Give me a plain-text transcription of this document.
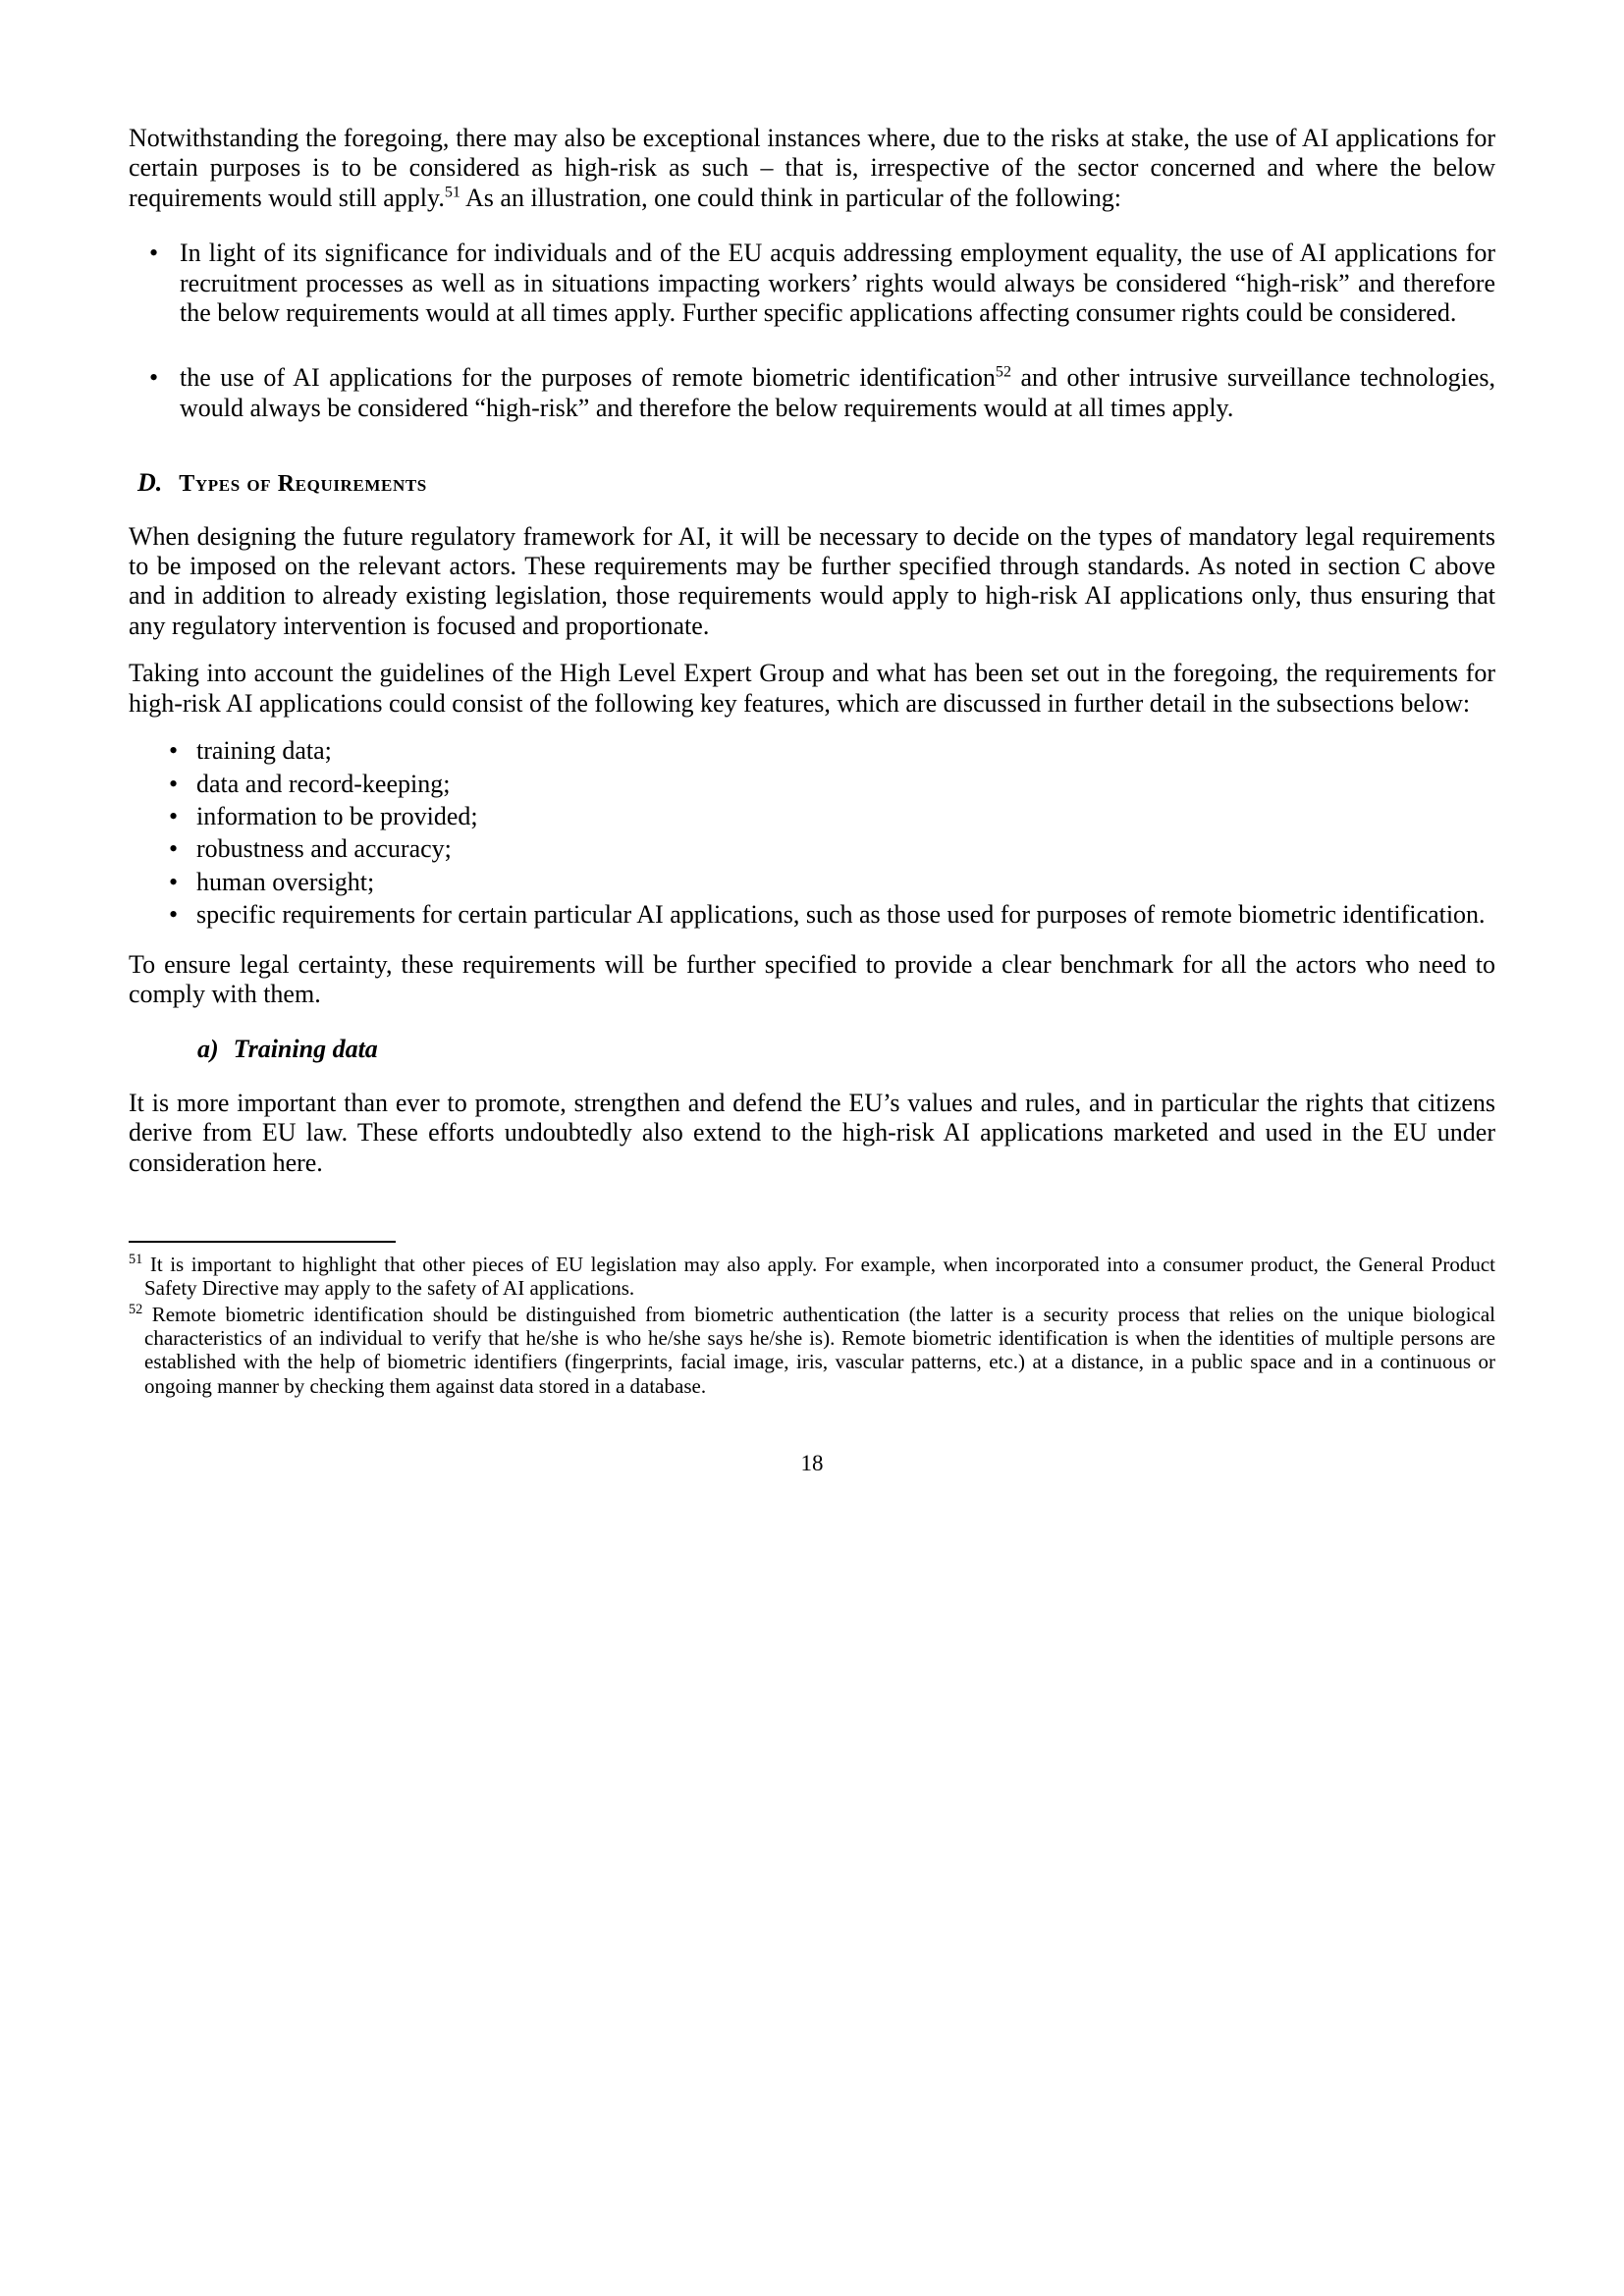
Notwithstanding the foregoing, there may also be exceptional instances where, due to the risks at stake, the use of AI applications for certain purposes is to be considered as high-risk as such – that is, irrespective of the sector concerned and where the below requirements would still apply.$^{51}$ As an illustration, one could think in particular of the following:

• In light of its significance for individuals and of the EU acquis addressing employment equality, the use of AI applications for recruitment processes as well as in situations impacting workers’ rights would always be considered “high-risk” and therefore the below requirements would at all times apply. Further specific applications affecting consumer rights could be considered.
• the use of AI applications for the purposes of remote biometric identification$^{52}$ and other intrusive surveillance technologies, would always be considered “high-risk” and therefore the below requirements would at all times apply.
D. Types of Requirements

When designing the future regulatory framework for AI, it will be necessary to decide on the types of mandatory legal requirements to be imposed on the relevant actors. These requirements may be further specified through standards. As noted in section C above and in addition to already existing legislation, those requirements would apply to high-risk AI applications only, thus ensuring that any regulatory intervention is focused and proportionate.

Taking into account the guidelines of the High Level Expert Group and what has been set out in the foregoing, the requirements for high-risk AI applications could consist of the following key features, which are discussed in further detail in the subsections below:

• training data;
• data and record-keeping;
• information to be provided;
• robustness and accuracy;
• human oversight;
• specific requirements for certain particular AI applications, such as those used for purposes of remote biometric identification.

To ensure legal certainty, these requirements will be further specified to provide a clear benchmark for all the actors who need to comply with them.

a) Training data

It is more important than ever to promote, strengthen and defend the EU’s values and rules, and in particular the rights that citizens derive from EU law. These efforts undoubtedly also extend to the high-risk AI applications marketed and used in the EU under consideration here.

$^{51}$ It is important to highlight that other pieces of EU legislation may also apply. For example, when incorporated into a consumer product, the General Product Safety Directive may apply to the safety of AI applications.

$^{52}$ Remote biometric identification should be distinguished from biometric authentication (the latter is a security process that relies on the unique biological characteristics of an individual to verify that he/she is who he/she says he/she is). Remote biometric identification is when the identities of multiple persons are established with the help of biometric identifiers (fingerprints, facial image, iris, vascular patterns, etc.) at a distance, in a public space and in a continuous or ongoing manner by checking them against data stored in a database.

18
